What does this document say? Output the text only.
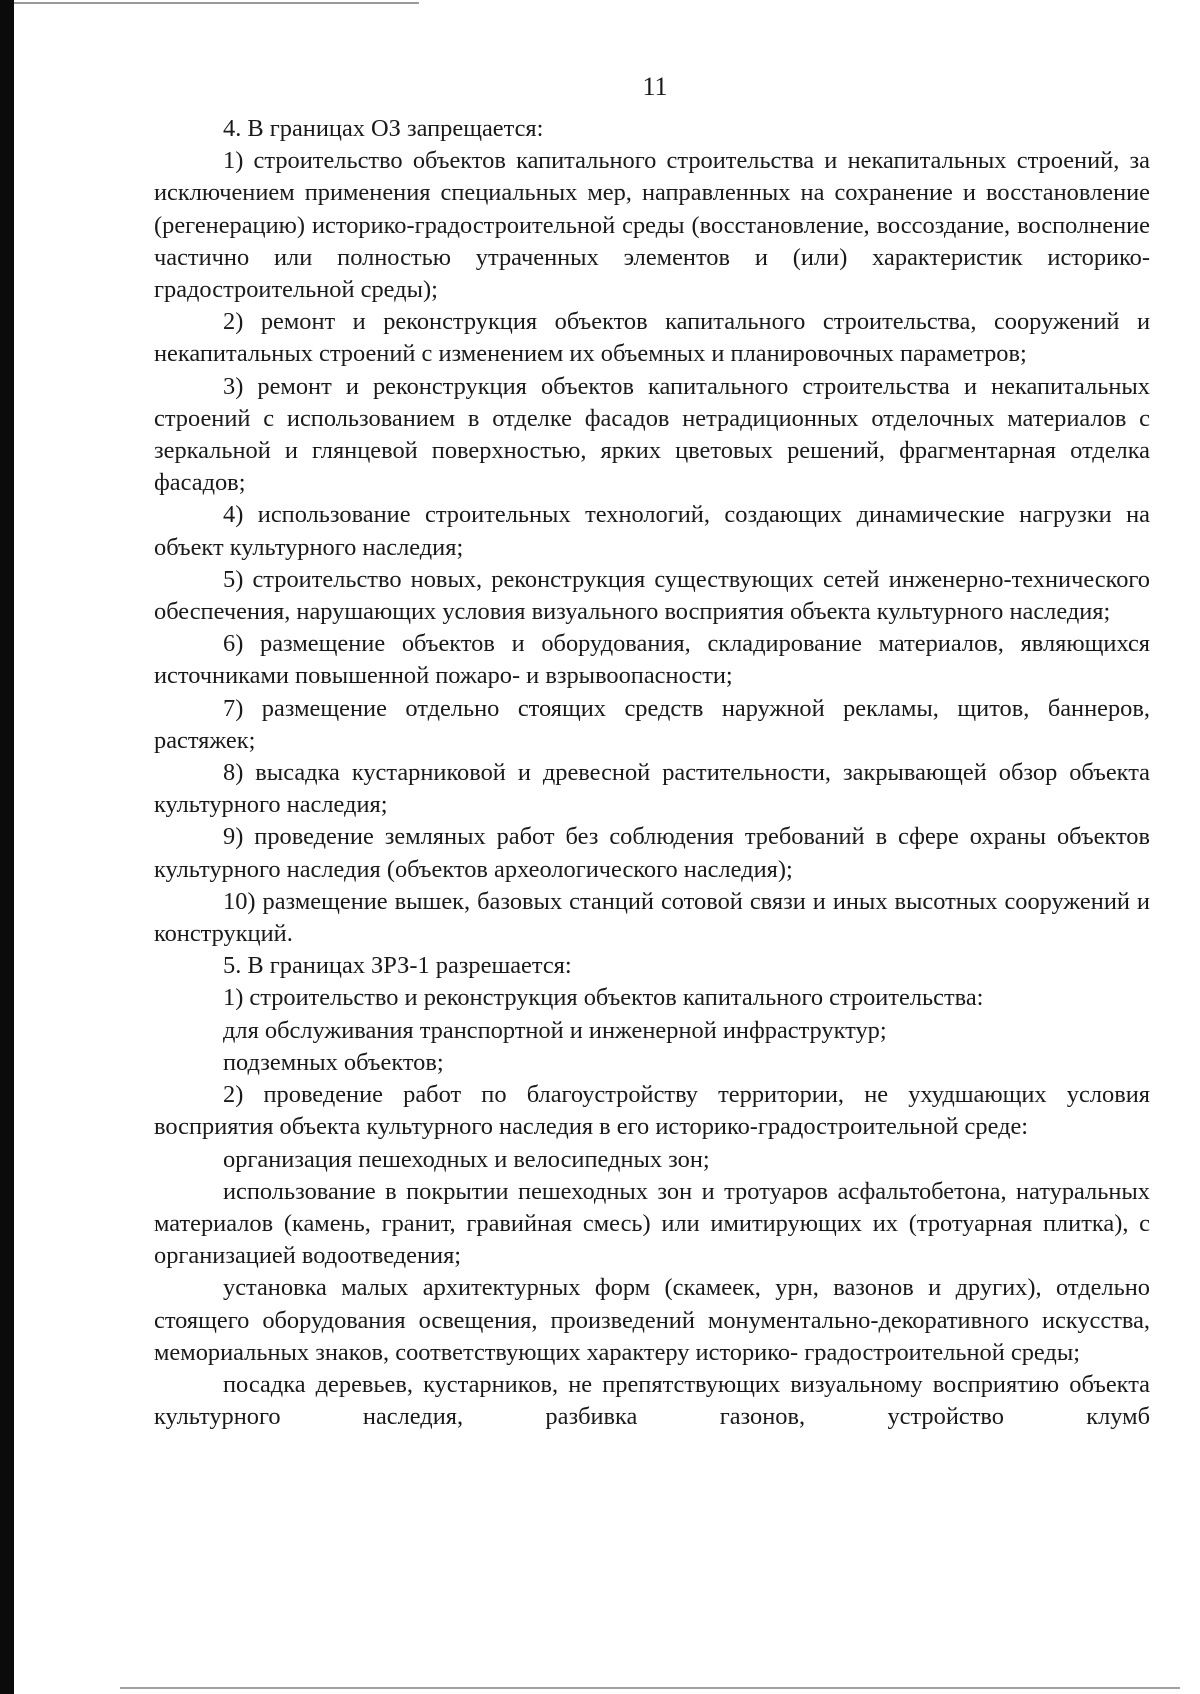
11

4. В границах ОЗ запрещается:

1) строительство объектов капитального строительства и некапитальных строений, за исключением применения специальных мер, направленных на сохранение и восстановление (регенерацию) историко-градостроительной среды (восстановление, воссоздание, восполнение частично или полностью утраченных элементов и (или) характеристик историко-градостроительной среды);

2) ремонт и реконструкция объектов капитального строительства, сооружений и некапитальных строений с изменением их объемных и планировочных параметров;

3) ремонт и реконструкция объектов капитального строительства и некапитальных строений с использованием в отделке фасадов нетрадиционных отделочных материалов с зеркальной и глянцевой поверхностью, ярких цветовых решений, фрагментарная отделка фасадов;

4) использование строительных технологий, создающих динамические нагрузки на объект культурного наследия;

5) строительство новых, реконструкция существующих сетей инженерно-технического обеспечения, нарушающих условия визуального восприятия объекта культурного наследия;

6) размещение объектов и оборудования, складирование материалов, являющихся источниками повышенной пожаро- и взрывоопасности;

7) размещение отдельно стоящих средств наружной рекламы, щитов, баннеров, растяжек;

8) высадка кустарниковой и древесной растительности, закрывающей обзор объекта культурного наследия;

9) проведение земляных работ без соблюдения требований в сфере охраны объектов культурного наследия (объектов археологического наследия);

10) размещение вышек, базовых станций сотовой связи и иных высотных сооружений и конструкций.

5. В границах ЗРЗ-1 разрешается:

1) строительство и реконструкция объектов капитального строительства:

для обслуживания транспортной и инженерной инфраструктур;

подземных объектов;

2) проведение работ по благоустройству территории, не ухудшающих условия восприятия объекта культурного наследия в его историко-градостроительной среде:

организация пешеходных и велосипедных зон;

использование в покрытии пешеходных зон и тротуаров асфальтобетона, натуральных материалов (камень, гранит, гравийная смесь) или имитирующих их (тротуарная плитка), с организацией водоотведения;

установка малых архитектурных форм (скамеек, урн, вазонов и других), отдельно стоящего оборудования освещения, произведений монументально-декоративного искусства, мемориальных знаков, соответствующих характеру историко- градостроительной среды;

посадка деревьев, кустарников, не препятствующих визуальному восприятию объекта культурного наследия, разбивка газонов, устройство клумб
